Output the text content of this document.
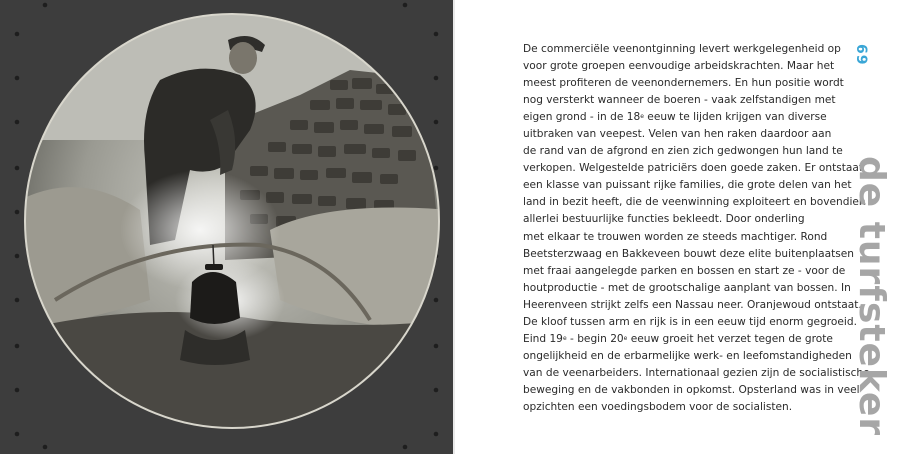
De commerciële veenontginning levert werkgelegenheid op
voor grote groepen eenvoudige arbeidskrachten. Maar het
meest profiteren de veenondernemers. En hun positie wordt
nog versterkt wanneer de boeren - vaak zelfstandigen met
eigen grond - in de 18e eeuw te lijden krijgen van diverse
uitbraken van veepest. Velen van hen raken daardoor aan
de rand van de afgrond en zien zich gedwongen hun land te
verkopen. Welgestelde patriciërs doen goede zaken. Er ontstaat
een klasse van puissant rijke families, die grote delen van het
land in bezit heeft, die de veenwinning exploiteert en bovendien
allerlei bestuurlijke functies bekleedt. Door onderling
met elkaar te trouwen worden ze steeds machtiger. Rond
Beetsterzwaag en Bakkeveen bouwt deze elite buitenplaatsen
met fraai aangelegde parken en bossen en start ze - voor de
houtproductie - met de grootschalige aanplant van bossen. In
Heerenveen strijkt zelfs een Nassau neer. Oranjewoud ontstaat.
De kloof tussen arm en rijk is in een eeuw tijd enorm gegroeid.
Eind 19e - begin 20e eeuw groeit het verzet tegen de grote
ongelijkheid en de erbarmelijke werk- en leefomstandigheden
van de veenarbeiders. Internationaal gezien zijn de socialistische
beweging en de vakbonden in opkomst. Opsterland was in veel
opzichten een voedingsbodem voor de socialisten.

69
de turfsteker
